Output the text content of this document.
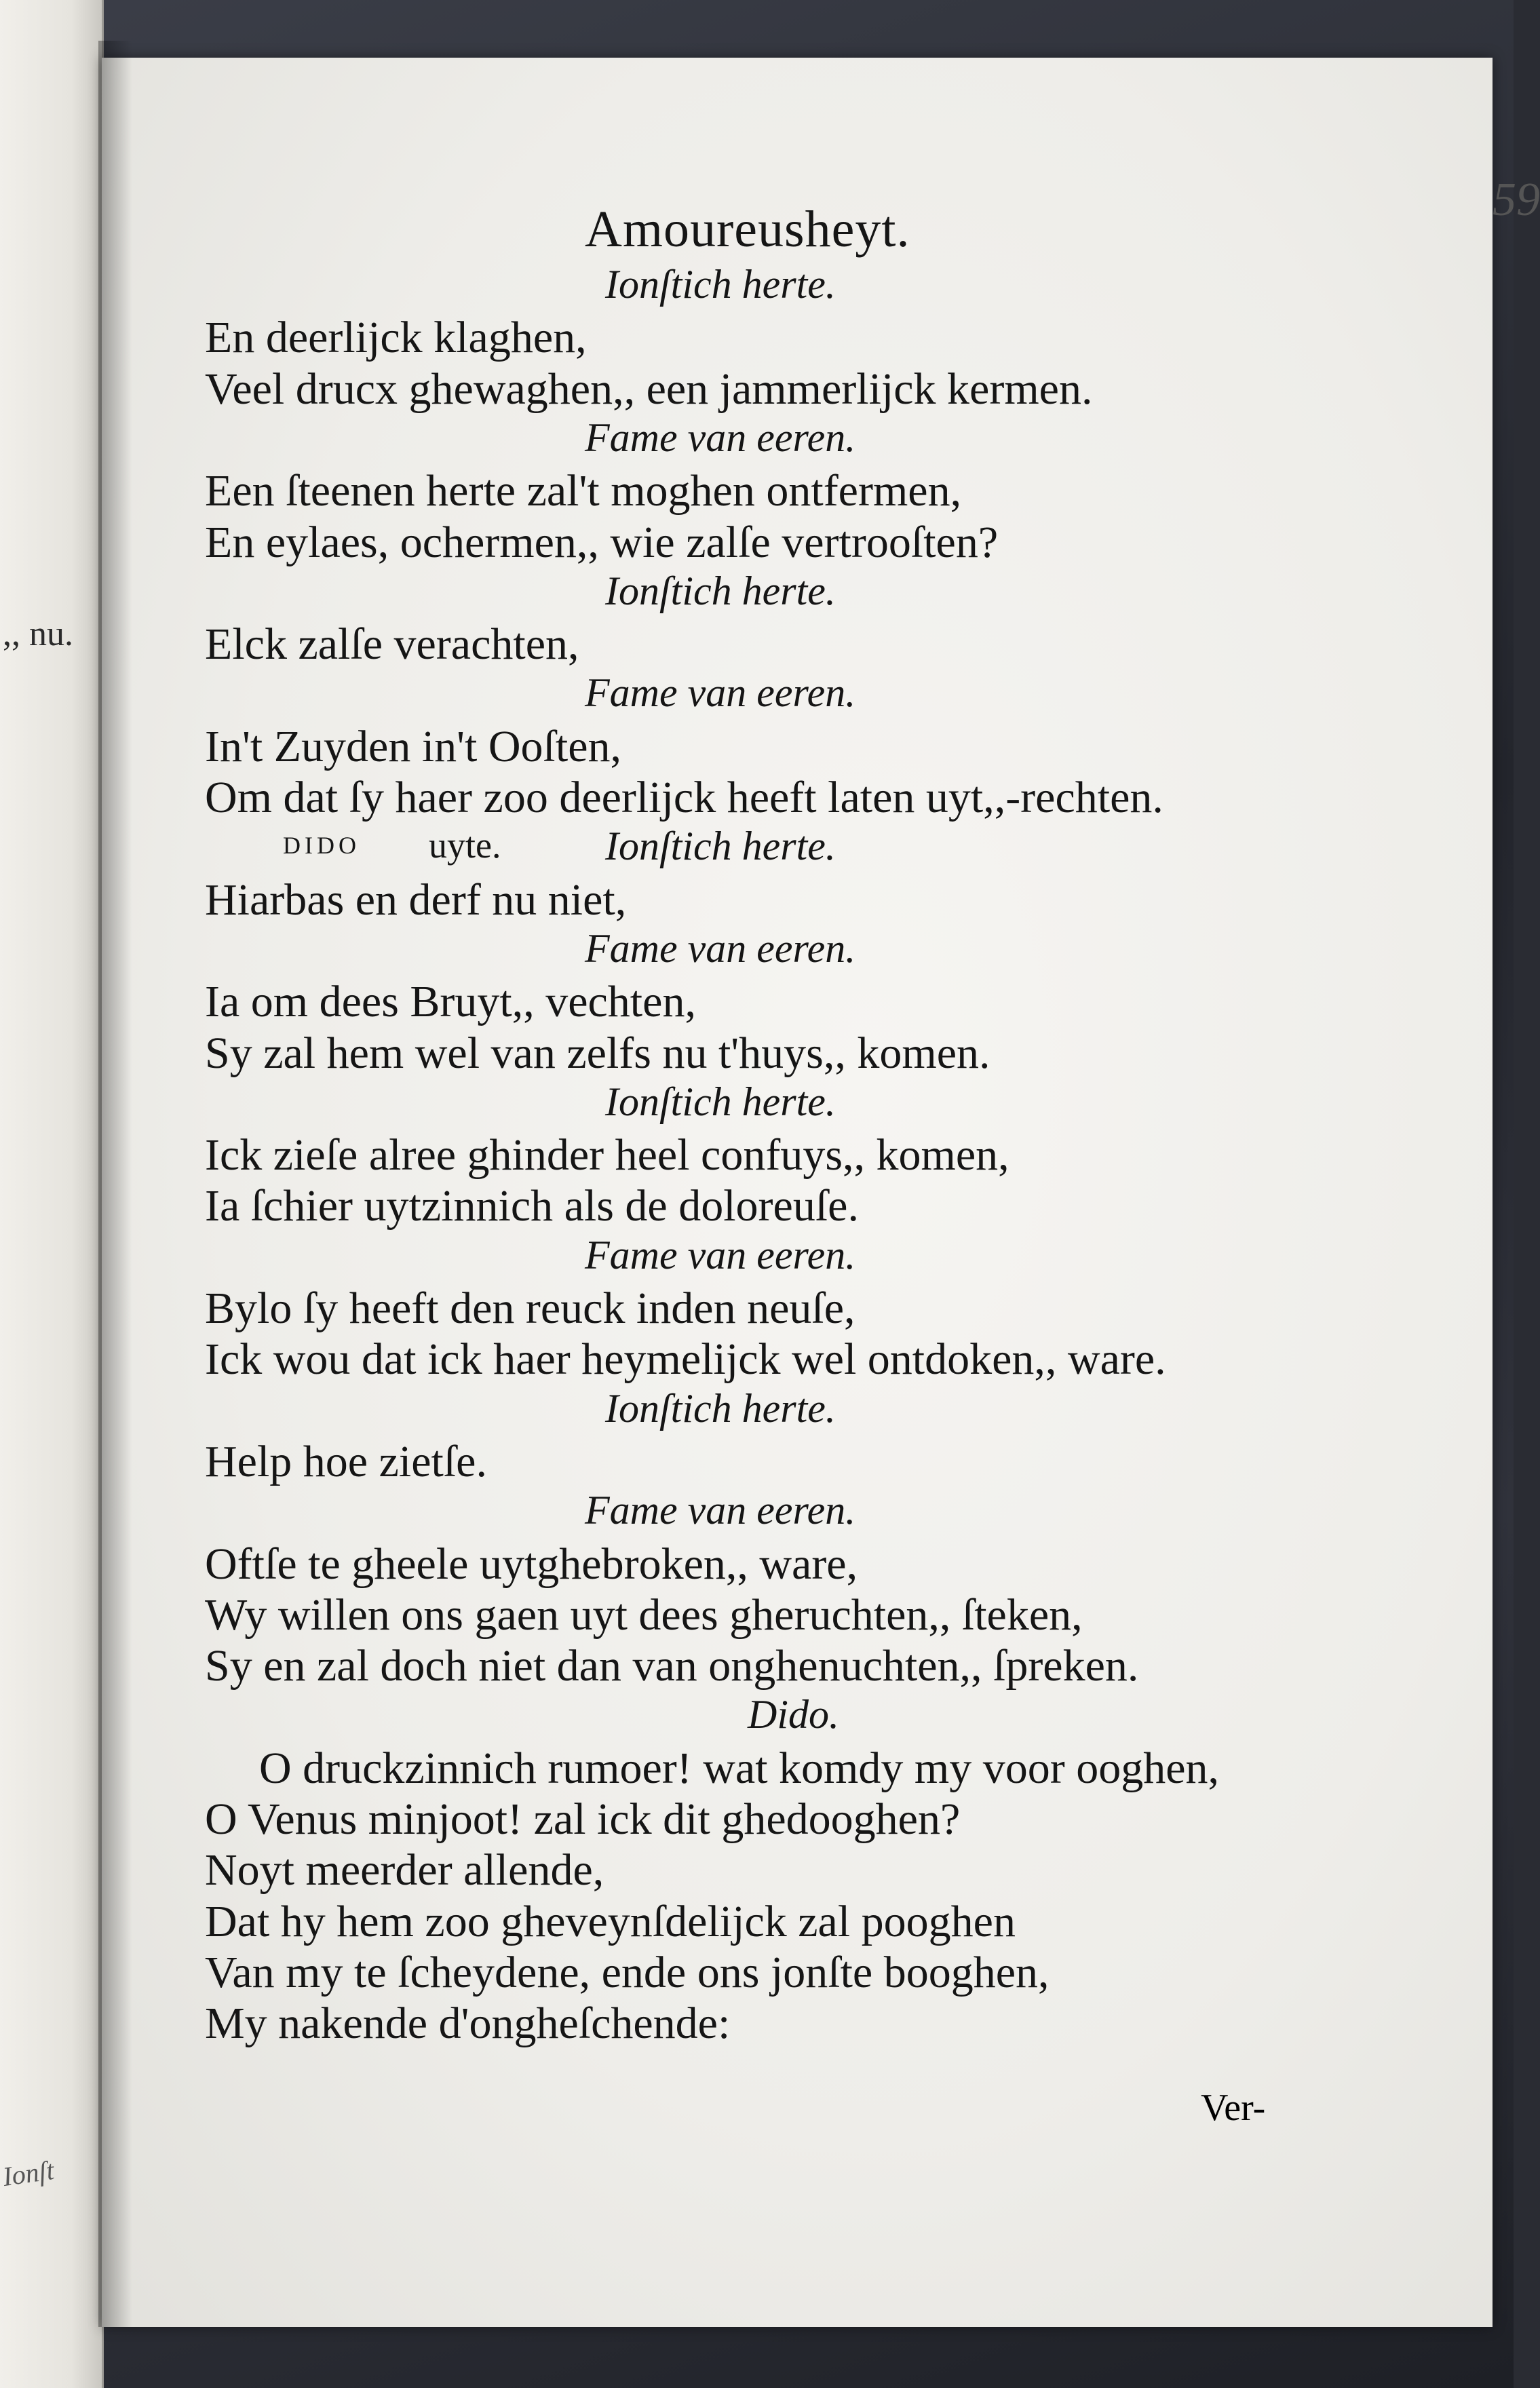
,, nu.
Ionſt
59
Amoureusheyt.
Ionſtich herte.
En deerlijck klaghen,
Veel drucx ghewaghen,, een jammerlijck kermen.
Fame van eeren.
Een ſteenen herte zal't moghen ontfermen,
En eylaes, ochermen,, wie zalſe vertrooſten?
Ionſtich herte.
Elck zalſe verachten,
Fame van eeren.
In't Zuyden in't Ooſten,
Om dat ſy haer zoo deerlijck heeft laten uyt,,-rechten.
DIDO uyte.	Ionſtich herte.
Hiarbas en derf nu niet,
Fame van eeren.
Ia om dees Bruyt,, vechten,
Sy zal hem wel van zelfs nu t'huys,, komen.
Ionſtich herte.
Ick zieſe alree ghinder heel confuys,, komen,
Ia ſchier uytzinnich als de doloreuſe.
Fame van eeren.
Bylo ſy heeft den reuck inden neuſe,
Ick wou dat ick haer heymelijck wel ontdoken,, ware.
Ionſtich herte.
Help hoe zietſe.
Fame van eeren.
Oftſe te gheele uytghebroken,, ware,
Wy willen ons gaen uyt dees gheruchten,, ſteken,
Sy en zal doch niet dan van onghenuchten,, ſpreken.
Dido.
O druckzinnich rumoer! wat komdy my voor ooghen,
O Venus minjoot! zal ick dit ghedooghen?
Noyt meerder allende,
Dat hy hem zoo gheveynſdelijck zal pooghen
Van my te ſcheydene, ende ons jonſte booghen,
My nakende d'ongheſchende:
Ver-
